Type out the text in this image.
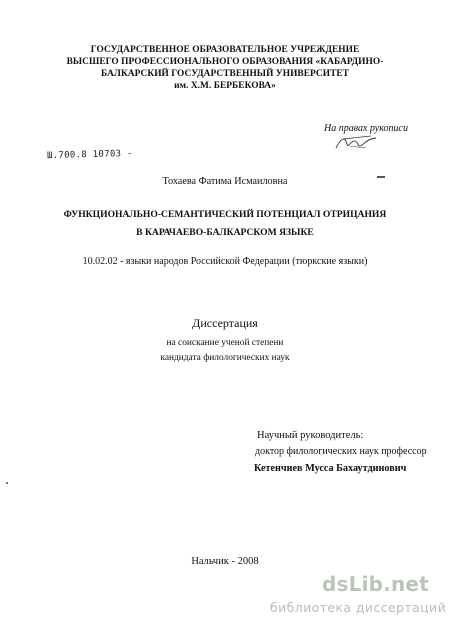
ГОСУДАРСТВЕННОЕ ОБРАЗОВАТЕЛЬНОЕ УЧРЕЖДЕНИЕ
ВЫСШЕГО ПРОФЕССИОНАЛЬНОГО ОБРАЗОВАНИЯ «КАБАРДИНО-
БАЛКАРСКИЙ ГОСУДАРСТВЕННЫЙ УНИВЕРСИТЕТ
им. Х.М. БЕРБЕКОВА»
На правах рукописи
Ш.700.8 10703 -
Тохаева Фатима Исмаиловна
ФУНКЦИОНАЛЬНО-СЕМАНТИЧЕСКИЙ ПОТЕНЦИАЛ ОТРИЦАНИЯ
В КАРАЧАЕВО-БАЛКАРСКОМ ЯЗЫКЕ
10.02.02 - языки народов Российской Федерации (тюркские языки)
Диссертация
на соискание ученой степени
кандидата филологических наук
Научный руководитель:
доктор филологических наук профессор
Кетенчиев Мусса Бахаутдинович
Нальчик - 2008
dsLib.net
библиотека диссертаций
